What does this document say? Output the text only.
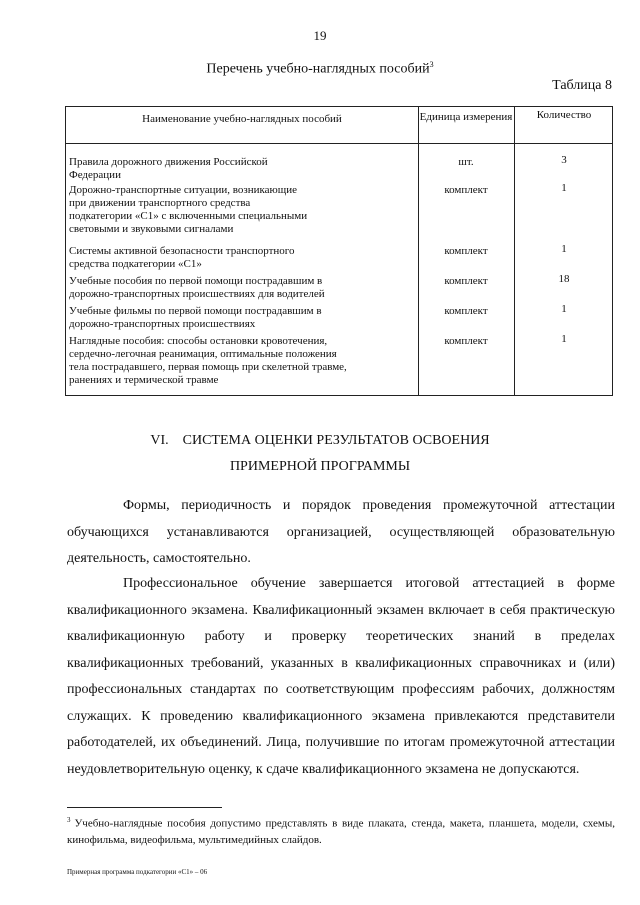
19
Перечень учебно-наглядных пособий$^3$
Таблица 8
Наименование учебно-наглядных пособий	Единица измерения	Количество
Правила дорожного движения Российской
Федерации
шт.	3
Дорожно-транспортные ситуации, возникающие
при движении транспортного средства
подкатегории «С1» с включенными специальными
световыми и звуковыми сигналами
комплект	1
Системы активной безопасности транспортного
средства подкатегории «С1»
комплект	1
Учебные пособия по первой помощи пострадавшим в
дорожно-транспортных происшествиях для водителей
комплект	18
Учебные фильмы по первой помощи пострадавшим в
дорожно-транспортных происшествиях
комплект	1
Наглядные пособия: способы остановки кровотечения,
сердечно-легочная реанимация, оптимальные положения
тела пострадавшего, первая помощь при скелетной травме,
ранениях и термической травме
комплект	1
VI. СИСТЕМА ОЦЕНКИ РЕЗУЛЬТАТОВ ОСВОЕНИЯ
ПРИМЕРНОЙ ПРОГРАММЫ
Формы, периодичность и порядок проведения промежуточной аттестации обучающихся устанавливаются организацией, осуществляющей образовательную деятельность, самостоятельно.
Профессиональное обучение завершается итоговой аттестацией в форме квалификационного экзамена. Квалификационный экзамен включает в себя практическую квалификационную работу и проверку теоретических знаний в пределах квалификационных требований, указанных в квалификационных справочниках и (или) профессиональных стандартах по соответствующим профессиям рабочих, должностям служащих. К проведению квалификационного экзамена привлекаются представители работодателей, их объединений. Лица, получившие по итогам промежуточной аттестации неудовлетворительную оценку, к сдаче квалификационного экзамена не допускаются.
$^3$ Учебно-наглядные пособия допустимо представлять в виде плаката, стенда, макета, планшета, модели, схемы, кинофильма, видеофильма, мультимедийных слайдов.
Примерная программа подкатегории «С1» – 06
